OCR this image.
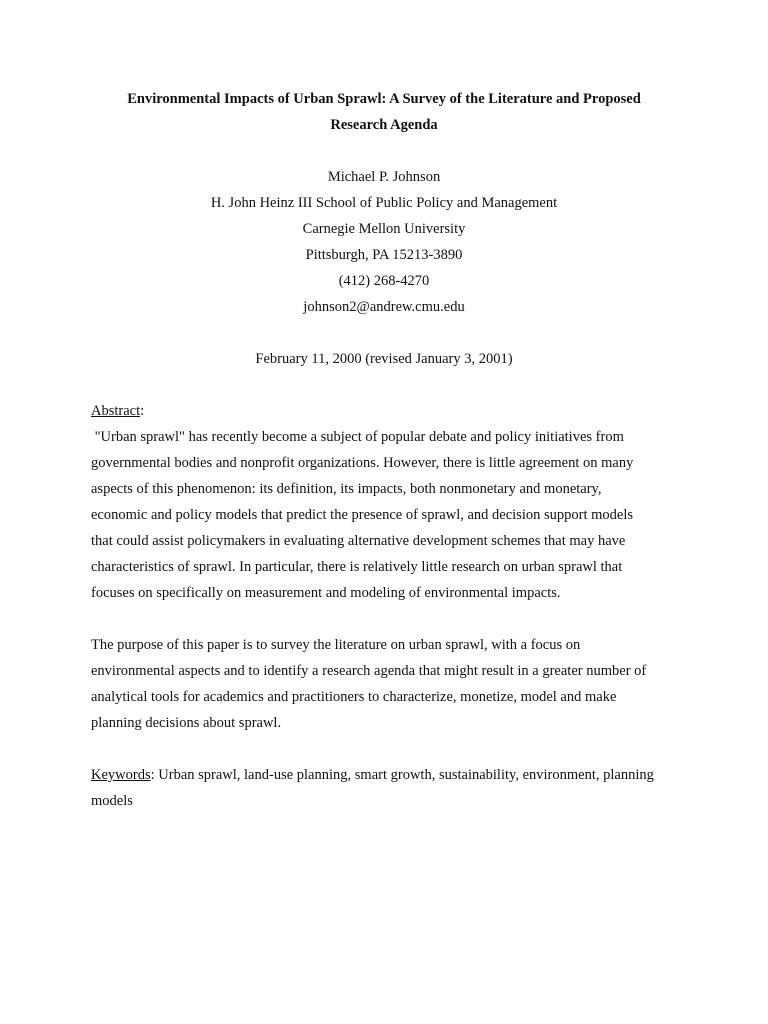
Environmental Impacts of Urban Sprawl: A Survey of the Literature and Proposed
Research Agenda
Michael P. Johnson
H. John Heinz III School of Public Policy and Management
Carnegie Mellon University
Pittsburgh, PA 15213-3890
(412) 268-4270
johnson2@andrew.cmu.edu
February 11, 2000 (revised January 3, 2001)
Abstract:
"Urban sprawl" has recently become a subject of popular debate and policy initiatives from
governmental bodies and nonprofit organizations. However, there is little agreement on many
aspects of this phenomenon: its definition, its impacts, both nonmonetary and monetary,
economic and policy models that predict the presence of sprawl, and decision support models
that could assist policymakers in evaluating alternative development schemes that may have
characteristics of sprawl. In particular, there is relatively little research on urban sprawl that
focuses on specifically on measurement and modeling of environmental impacts.
The purpose of this paper is to survey the literature on urban sprawl, with a focus on
environmental aspects and to identify a research agenda that might result in a greater number of
analytical tools for academics and practitioners to characterize, monetize, model and make
planning decisions about sprawl.
Keywords: Urban sprawl, land-use planning, smart growth, sustainability, environment, planning
models
